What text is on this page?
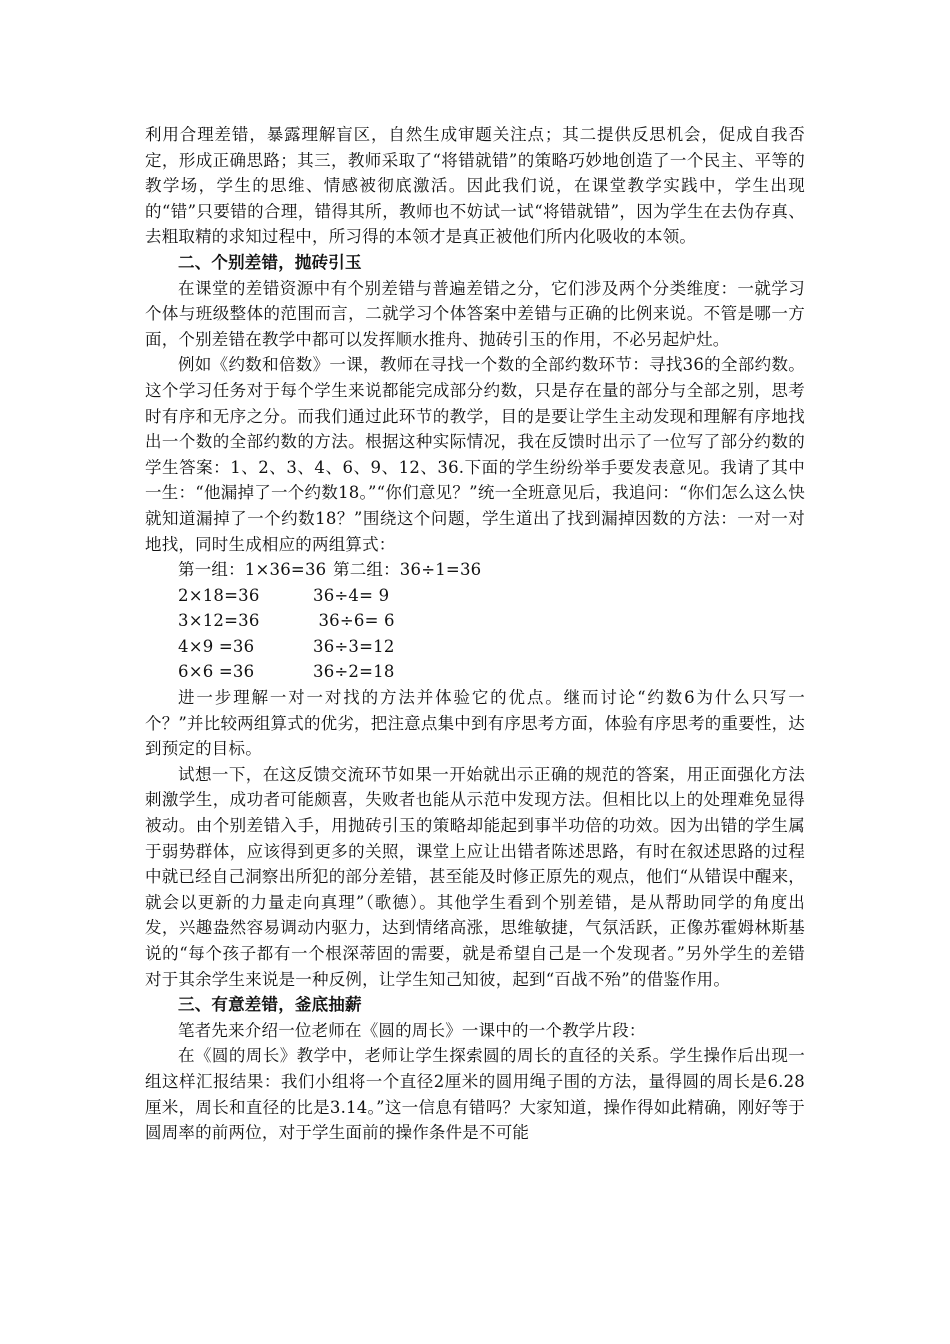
利用合理差错，暴露理解盲区，自然生成审题关注点；其二提供反思机会，促成自我否定，形成正确思路；其三，教师采取了“将错就错”的策略巧妙地创造了一个民主、平等的教学场，学生的思维、情感被彻底激活。因此我们说，在课堂教学实践中，学生出现的“错”只要错的合理，错得其所，教师也不妨试一试“将错就错”，因为学生在去伪存真、去粗取精的求知过程中，所习得的本领才是真正被他们所内化吸收的本领。

二、个别差错，抛砖引玉

在课堂的差错资源中有个别差错与普遍差错之分，它们涉及两个分类维度：一就学习个体与班级整体的范围而言，二就学习个体答案中差错与正确的比例来说。不管是哪一方面，个别差错在教学中都可以发挥顺水推舟、抛砖引玉的作用，不必另起炉灶。

例如《约数和倍数》一课，教师在寻找一个数的全部约数环节：寻找36的全部约数。这个学习任务对于每个学生来说都能完成部分约数，只是存在量的部分与全部之别，思考时有序和无序之分。而我们通过此环节的教学，目的是要让学生主动发现和理解有序地找出一个数的全部约数的方法。根据这种实际情况，我在反馈时出示了一位写了部分约数的学生答案：1、2、3、4、6、9、12、36.下面的学生纷纷举手要发表意见。我请了其中一生：“他漏掉了一个约数18。”“你们意见？”统一全班意见后，我追问：“你们怎么这么快就知道漏掉了一个约数18？”围绕这个问题，学生道出了找到漏掉因数的方法：一对一对地找，同时生成相应的两组算式：

第一组：1×36=36 第二组：36÷1=36

2×18=36	36÷4= 9

3×12=36	36÷6= 6

4×9 =36	36÷3=12

6×6 =36	36÷2=18

进一步理解一对一对找的方法并体验它的优点。继而讨论“约数6为什么只写一个？”并比较两组算式的优劣，把注意点集中到有序思考方面，体验有序思考的重要性，达到预定的目标。

试想一下，在这反馈交流环节如果一开始就出示正确的规范的答案，用正面强化方法刺激学生，成功者可能颇喜，失败者也能从示范中发现方法。但相比以上的处理难免显得被动。由个别差错入手，用抛砖引玉的策略却能起到事半功倍的功效。因为出错的学生属于弱势群体，应该得到更多的关照，课堂上应让出错者陈述思路，有时在叙述思路的过程中就已经自己洞察出所犯的部分差错，甚至能及时修正原先的观点，他们“从错误中醒来，就会以更新的力量走向真理”（歌德）。其他学生看到个别差错，是从帮助同学的角度出发，兴趣盎然容易调动内驱力，达到情绪高涨，思维敏捷，气氛活跃，正像苏霍姆林斯基说的“每个孩子都有一个根深蒂固的需要，就是希望自己是一个发现者。”另外学生的差错对于其余学生来说是一种反例，让学生知己知彼，起到“百战不殆”的借鉴作用。

三、有意差错，釜底抽薪

笔者先来介绍一位老师在《圆的周长》一课中的一个教学片段：

在《圆的周长》教学中，老师让学生探索圆的周长的直径的关系。学生操作后出现一组这样汇报结果：我们小组将一个直径2厘米的圆用绳子围的方法，量得圆的周长是6.28厘米，周长和直径的比是3.14。”这一信息有错吗？大家知道，操作得如此精确，刚好等于圆周率的前两位，对于学生面前的操作条件是不可能
